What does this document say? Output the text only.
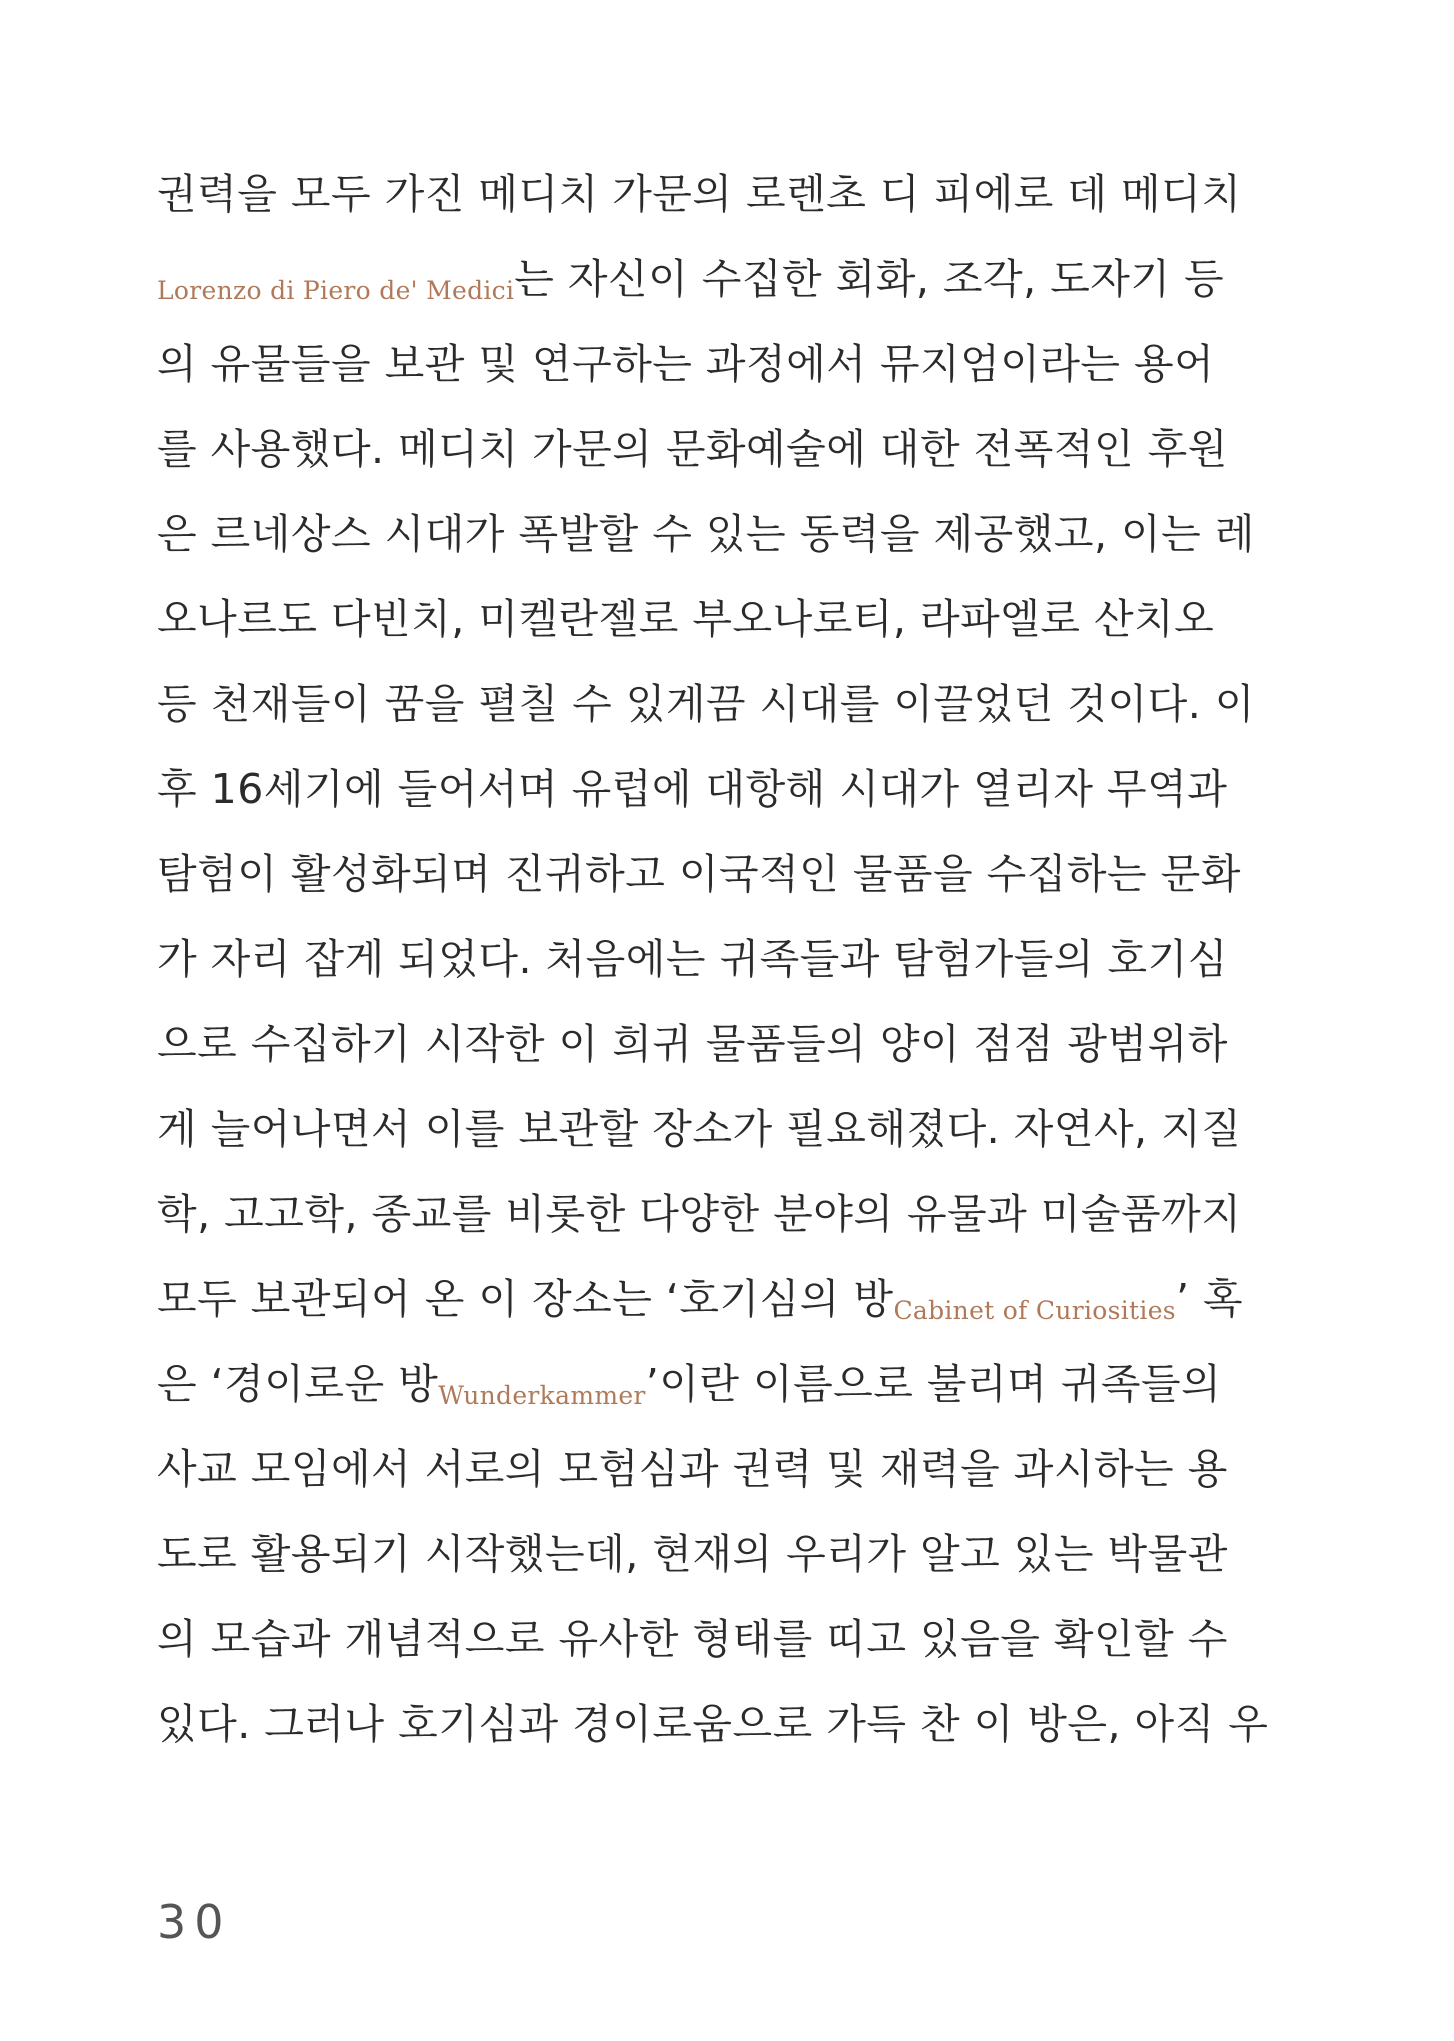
권력을 모두 가진 메디치 가문의 로렌초 디 피에로 데 메디치
Lorenzo di Piero de' Medici는 자신이 수집한 회화, 조각, 도자기 등
의 유물들을 보관 및 연구하는 과정에서 뮤지엄이라는 용어
를 사용했다. 메디치 가문의 문화예술에 대한 전폭적인 후원
은 르네상스 시대가 폭발할 수 있는 동력을 제공했고, 이는 레
오나르도 다빈치, 미켈란젤로 부오나로티, 라파엘로 산치오
등 천재들이 꿈을 펼칠 수 있게끔 시대를 이끌었던 것이다. 이
후 16세기에 들어서며 유럽에 대항해 시대가 열리자 무역과
탐험이 활성화되며 진귀하고 이국적인 물품을 수집하는 문화
가 자리 잡게 되었다. 처음에는 귀족들과 탐험가들의 호기심
으로 수집하기 시작한 이 희귀 물품들의 양이 점점 광범위하
게 늘어나면서 이를 보관할 장소가 필요해졌다. 자연사, 지질
학, 고고학, 종교를 비롯한 다양한 분야의 유물과 미술품까지
모두 보관되어 온 이 장소는 ‘호기심의 방Cabinet of Curiosities’ 혹
은 ‘경이로운 방Wunderkammer’이란 이름으로 불리며 귀족들의
사교 모임에서 서로의 모험심과 권력 및 재력을 과시하는 용
도로 활용되기 시작했는데, 현재의 우리가 알고 있는 박물관
의 모습과 개념적으로 유사한 형태를 띠고 있음을 확인할 수
있다. 그러나 호기심과 경이로움으로 가득 찬 이 방은, 아직 우
30
